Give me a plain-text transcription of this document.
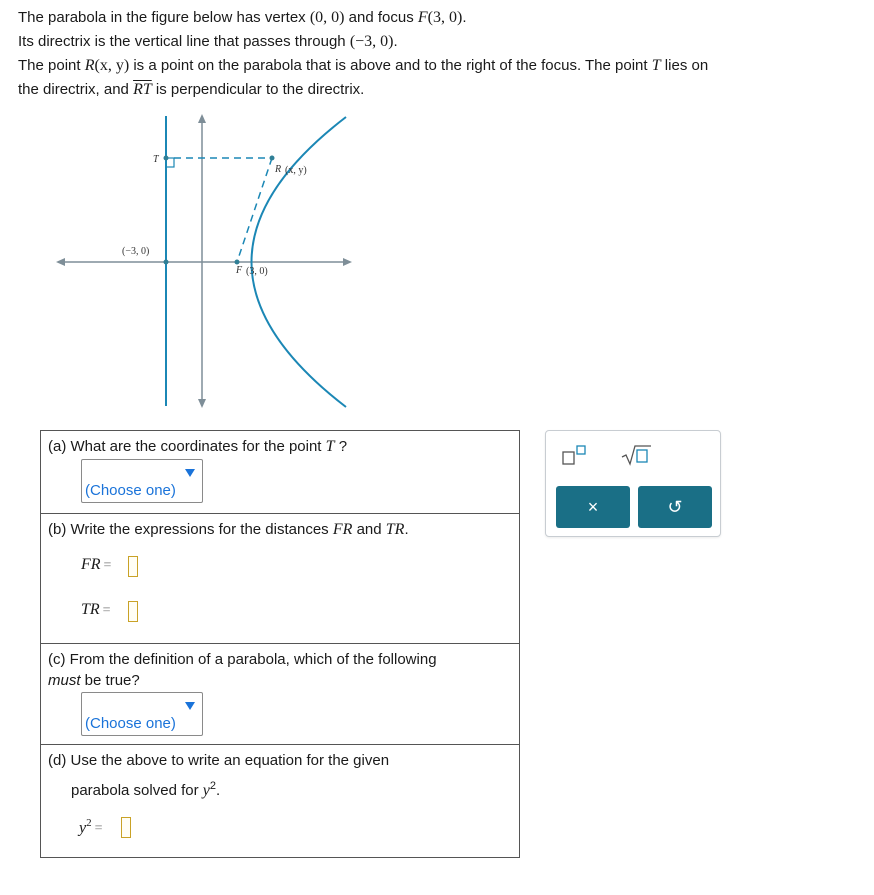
The parabola in the figure below has vertex (0, 0) and focus F(3, 0).

Its directrix is the vertical line that passes through (−3, 0).

The point R(x, y) is a point on the parabola that is above and to the right of the focus. The point T lies on

the directrix, and $\overline{RT}$ is perpendicular to the directrix.

T
R (x, y)
F (3, 0)
(−3, 0)
(a) What are the coordinates for the point T ?
(Choose one)
(b) Write the expressions for the distances FR and TR.
FR =
TR =
(c) From the definition of a parabola, which of the following
must be true?
(Choose one)
(d) Use the above to write an equation for the given
parabola solved for $y^2$.
$y^2$ =
×	↺
